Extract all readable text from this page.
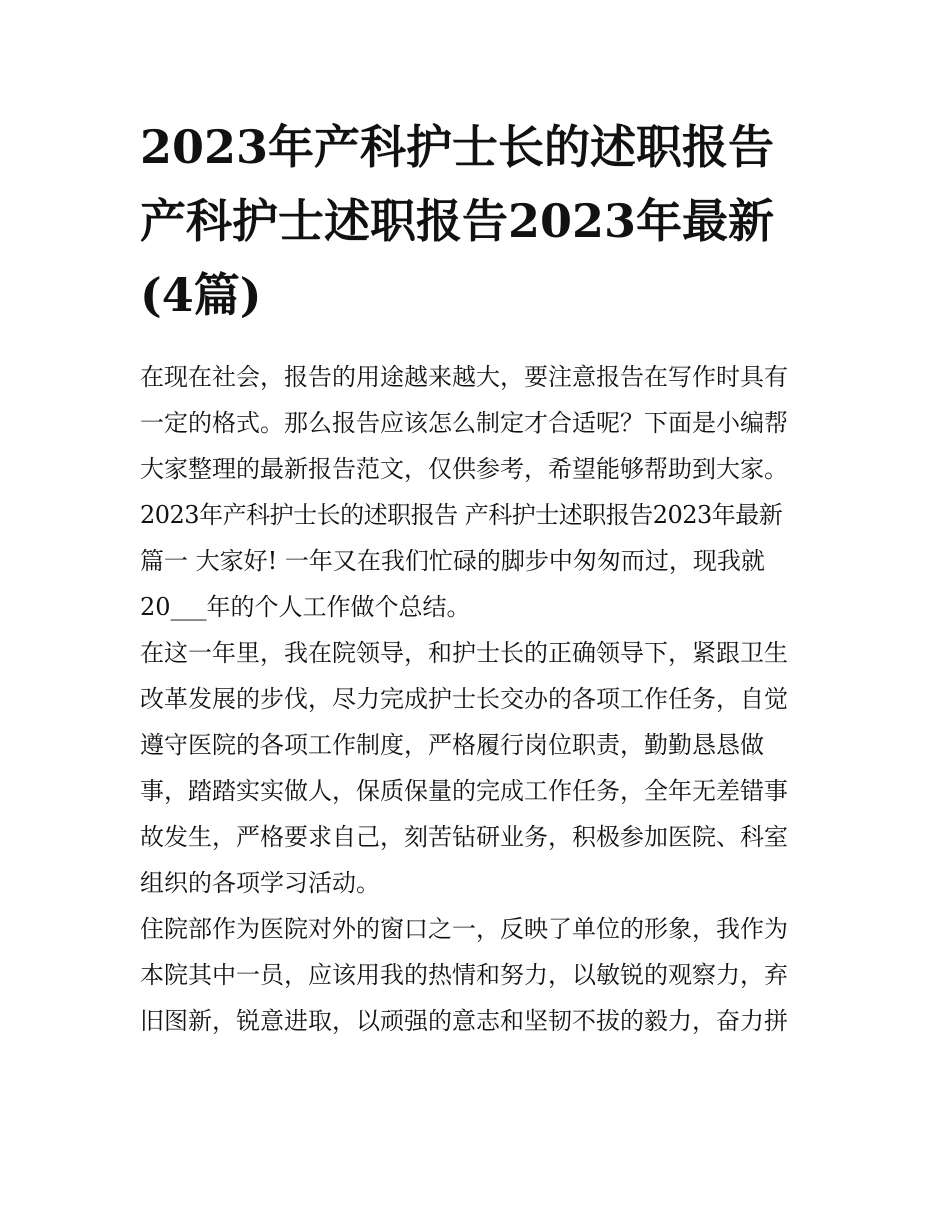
2023年产科护士长的述职报告
产科护士述职报告2023年最新
(4篇)

在现在社会，报告的用途越来越大，要注意报告在写作时具有
一定的格式。那么报告应该怎么制定才合适呢？下面是小编帮
大家整理的最新报告范文，仅供参考，希望能够帮助到大家。
2023年产科护士长的述职报告 产科护士述职报告2023年最新
篇一 大家好! 一年又在我们忙碌的脚步中匆匆而过，现我就
20___年的个人工作做个总结。

在这一年里，我在院领导，和护士长的正确领导下，紧跟卫生
改革发展的步伐，尽力完成护士长交办的各项工作任务，自觉
遵守医院的各项工作制度，严格履行岗位职责，勤勤恳恳做
事，踏踏实实做人，保质保量的完成工作任务，全年无差错事
故发生，严格要求自己，刻苦钻研业务，积极参加医院、科室
组织的各项学习活动。

住院部作为医院对外的窗口之一，反映了单位的形象，我作为
本院其中一员，应该用我的热情和努力，以敏锐的观察力，弃
旧图新，锐意进取，以顽强的意志和坚韧不拔的毅力，奋力拼
